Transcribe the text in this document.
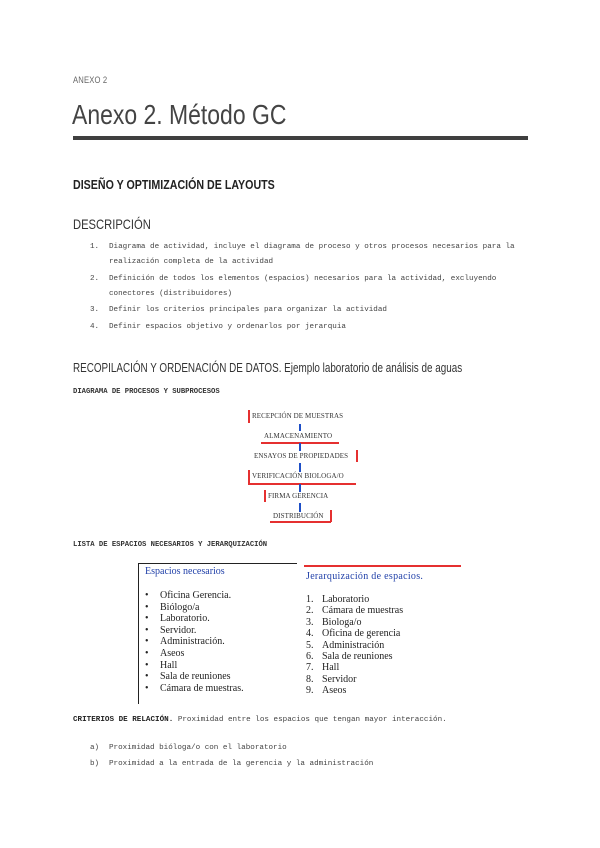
ANEXO 2
Anexo 2. Método GC
DISEÑO Y OPTIMIZACIÓN DE LAYOUTS
DESCRIPCIÓN
1. Diagrama de actividad, incluye el diagrama de proceso y otros procesos necesarios para la realización completa de la actividad
2. Definición de todos los elementos (espacios) necesarios para la actividad, excluyendo conectores (distribuidores)
3. Definir los criterios principales para organizar la actividad
4. Definir espacios objetivo y ordenarlos por jerarquia
RECOPILACIÓN Y ORDENACIÓN DE DATOS. Ejemplo laboratorio de análisis de aguas
DIAGRAMA DE PROCESOS Y SUBPROCESOS
RECEPCIÓN DE MUESTRAS
ALMACENAMIENTO
ENSAYOS DE PROPIEDADES
VERIFICACIÓN BIOLOGA/O
FIRMA GERENCIA
DISTRIBUCIÓN
LISTA DE ESPACIOS NECESARIOS Y JERARQUIZACIÓN
Espacios necesarios
• Oficina Gerencia.
• Biólogo/a
• Laboratorio.
• Servidor.
• Administración.
• Aseos
• Hall
• Sala de reuniones
• Cámara de muestras.
Jerarquización de espacios.
1. Laboratorio
2. Cámara de muestras
3. Biologa/o
4. Oficina de gerencia
5. Administración
6. Sala de reuniones
7. Hall
8. Servidor
9. Aseos
CRITERIOS DE RELACIÓN. Proximidad entre los espacios que tengan mayor interacción.
a) Proximidad bióloga/o con el laboratorio
b) Proximidad a la entrada de la gerencia y la administración
